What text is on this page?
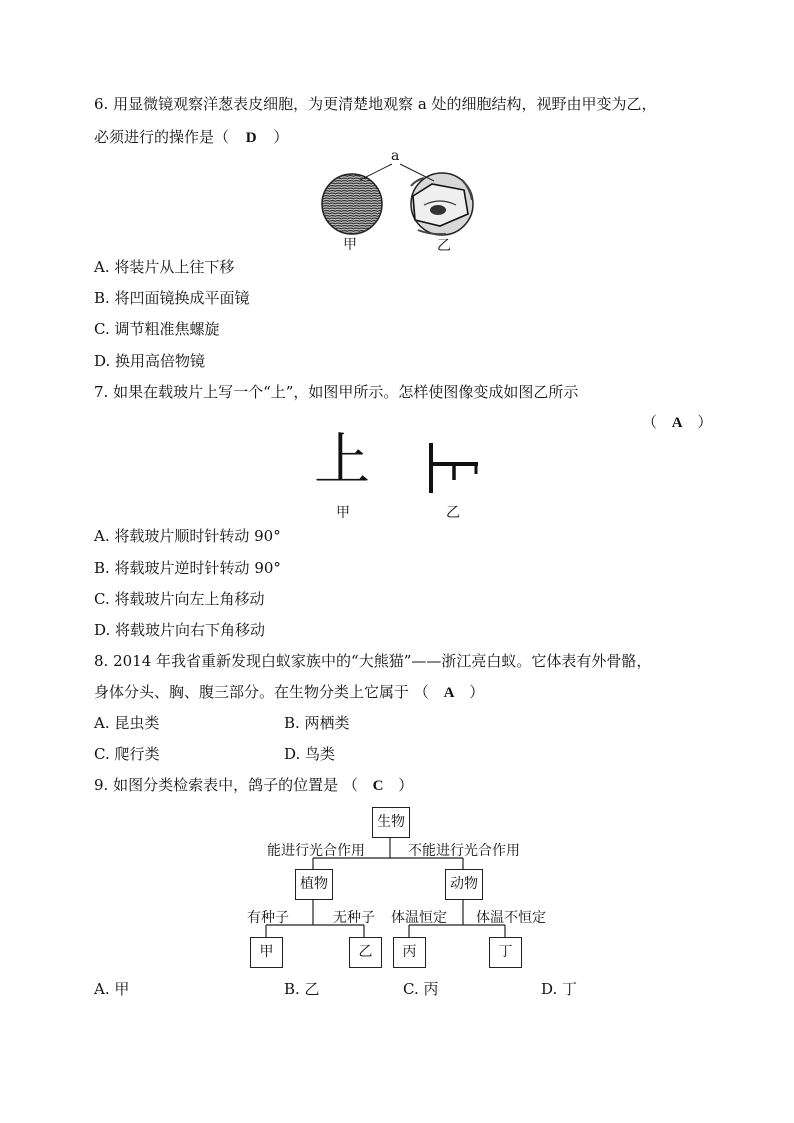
6. 用显微镜观察洋葱表皮细胞，为更清楚地观察 a 处的细胞结构，视野由甲变为乙，
必须进行的操作是（ D ）
a
甲	乙
A. 将装片从上往下移
B. 将凹面镜换成平面镜
C. 调节粗准焦螺旋
D. 换用高倍物镜
7. 如果在载玻片上写一个“上”，如图甲所示。怎样使图像变成如图乙所示
（ A ）
上
甲	乙
A. 将载玻片顺时针转动 90°
B. 将载玻片逆时针转动 90°
C. 将载玻片向左上角移动
D. 将载玻片向右下角移动
8. 2014 年我省重新发现白蚁家族中的“大熊猫”——浙江亮白蚁。它体表有外骨骼，
身体分头、胸、腹三部分。在生物分类上它属于 （ A ）
A. 昆虫类	B. 两栖类
C. 爬行类	D. 鸟类
9. 如图分类检索表中，鸽子的位置是 （ C ）
生物
能进行光合作用	不能进行光合作用
植物	动物
有种子	无种子 体温恒定 体温不恒定
甲	乙	丙	丁
A. 甲	B. 乙	C. 丙	D. 丁
